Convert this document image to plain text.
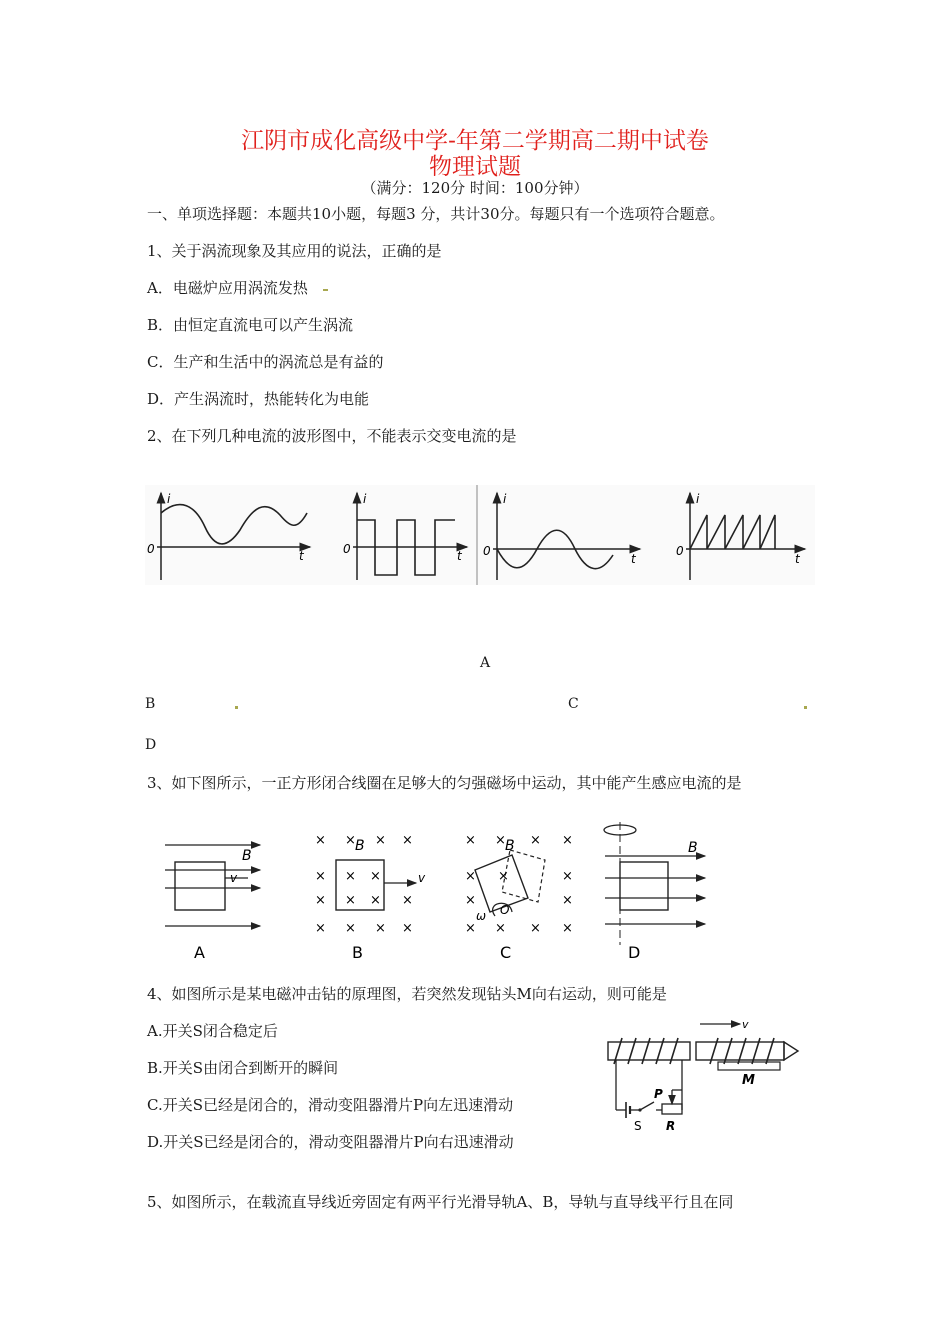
江阴市成化高级中学-年第二学期高二期中试卷
物理试题
（满分：120分 时间：100分钟）
一、单项选择题：本题共10小题，每题3 分，共计30分。每题只有一个选项符合题意。
1、关于涡流现象及其应用的说法，正确的是
A．电磁炉应用涡流发热
B．由恒定直流电可以产生涡流
C．生产和生活中的涡流总是有益的
D．产生涡流时，热能转化为电能
2、在下列几种电流的波形图中，不能表示交变电流的是
i
0	t
i
0	t
i
0
t
i
0
t
A
B	C
D
3、如下图所示，一正方形闭合线圈在足够大的匀强磁场中运动，其中能产生感应电流的是
B
v
A
× × × ×
B
× × ×
× × × ×
v
× × × ×
B
× × × ×
B
× ×	×
×	×
ω O
× × × ×
C
B
D
4、如图所示是某电磁冲击钻的原理图，若突然发现钻头M向右运动，则可能是
A.开关S闭合稳定后
B.开关S由闭合到断开的瞬间
C.开关S已经是闭合的，滑动变阻器滑片P向左迅速滑动
D.开关S已经是闭合的，滑动变阻器滑片P向右迅速滑动
v
M
P
S R
5、如图所示，在载流直导线近旁固定有两平行光滑导轨A、B，导轨与直导线平行且在同
